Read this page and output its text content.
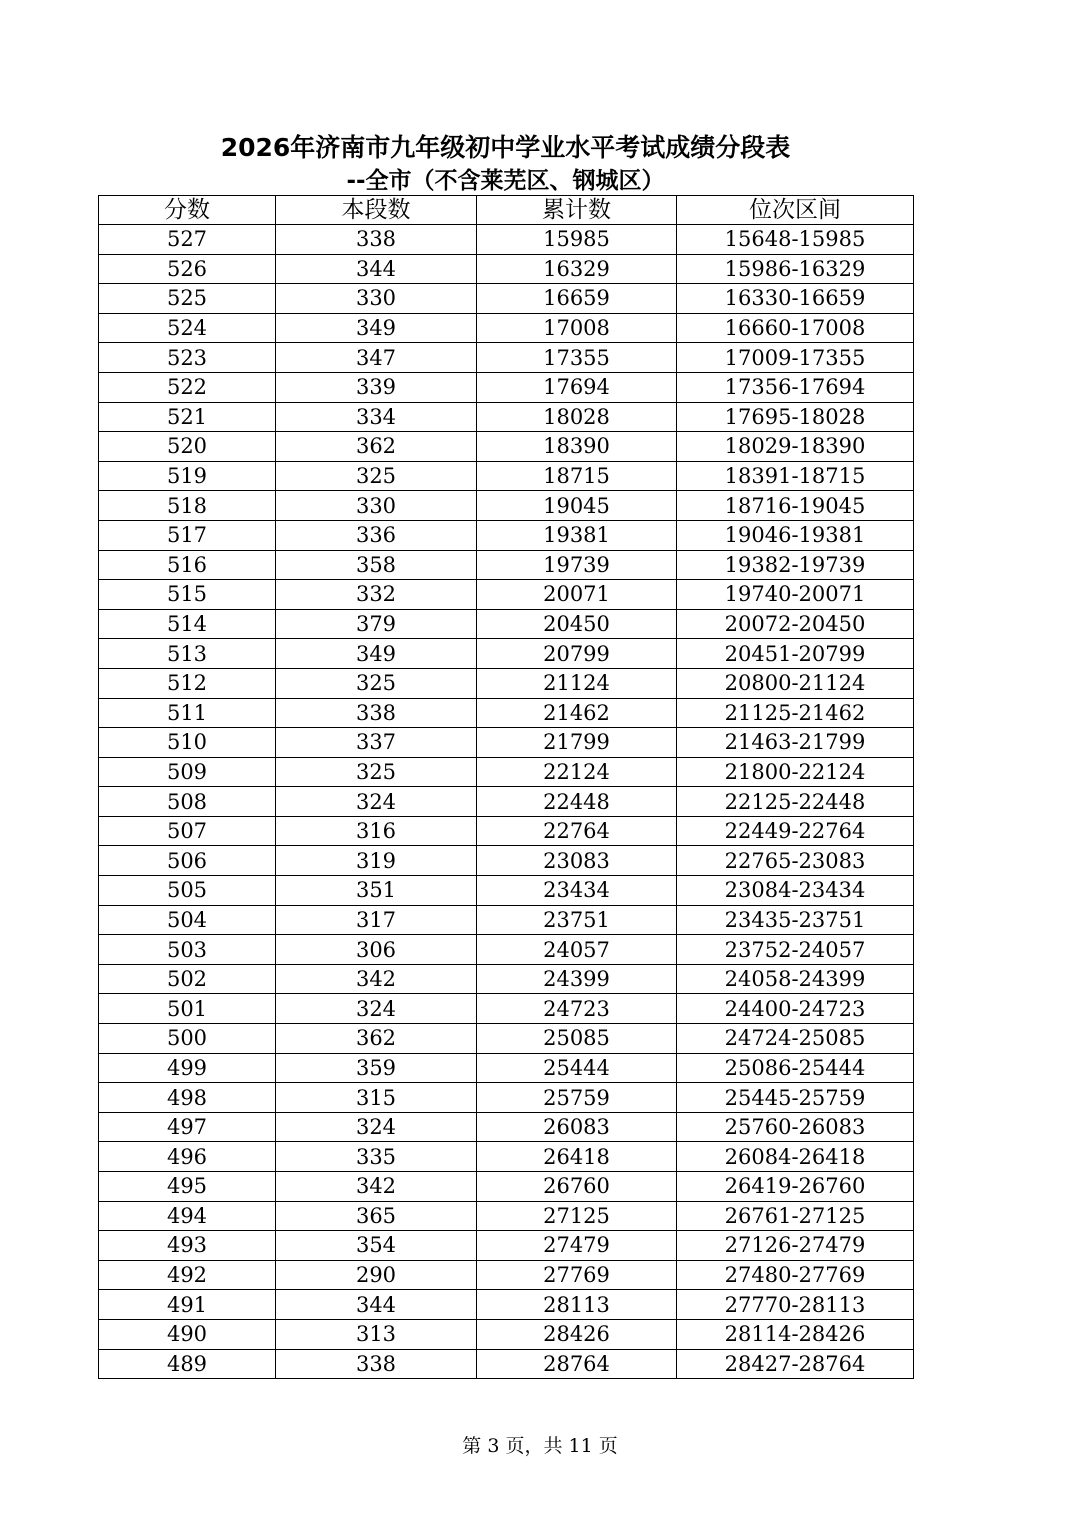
2026年济南市九年级初中学业水平考试成绩分段表
--全市（不含莱芜区、钢城区）
分数	本段数	累计数	位次区间
527	338	15985	15648-15985
526	344	16329	15986-16329
525	330	16659	16330-16659
524	349	17008	16660-17008
523	347	17355	17009-17355
522	339	17694	17356-17694
521	334	18028	17695-18028
520	362	18390	18029-18390
519	325	18715	18391-18715
518	330	19045	18716-19045
517	336	19381	19046-19381
516	358	19739	19382-19739
515	332	20071	19740-20071
514	379	20450	20072-20450
513	349	20799	20451-20799
512	325	21124	20800-21124
511	338	21462	21125-21462
510	337	21799	21463-21799
509	325	22124	21800-22124
508	324	22448	22125-22448
507	316	22764	22449-22764
506	319	23083	22765-23083
505	351	23434	23084-23434
504	317	23751	23435-23751
503	306	24057	23752-24057
502	342	24399	24058-24399
501	324	24723	24400-24723
500	362	25085	24724-25085
499	359	25444	25086-25444
498	315	25759	25445-25759
497	324	26083	25760-26083
496	335	26418	26084-26418
495	342	26760	26419-26760
494	365	27125	26761-27125
493	354	27479	27126-27479
492	290	27769	27480-27769
491	344	28113	27770-28113
490	313	28426	28114-28426
489	338	28764	28427-28764
第 3 页，共 11 页
